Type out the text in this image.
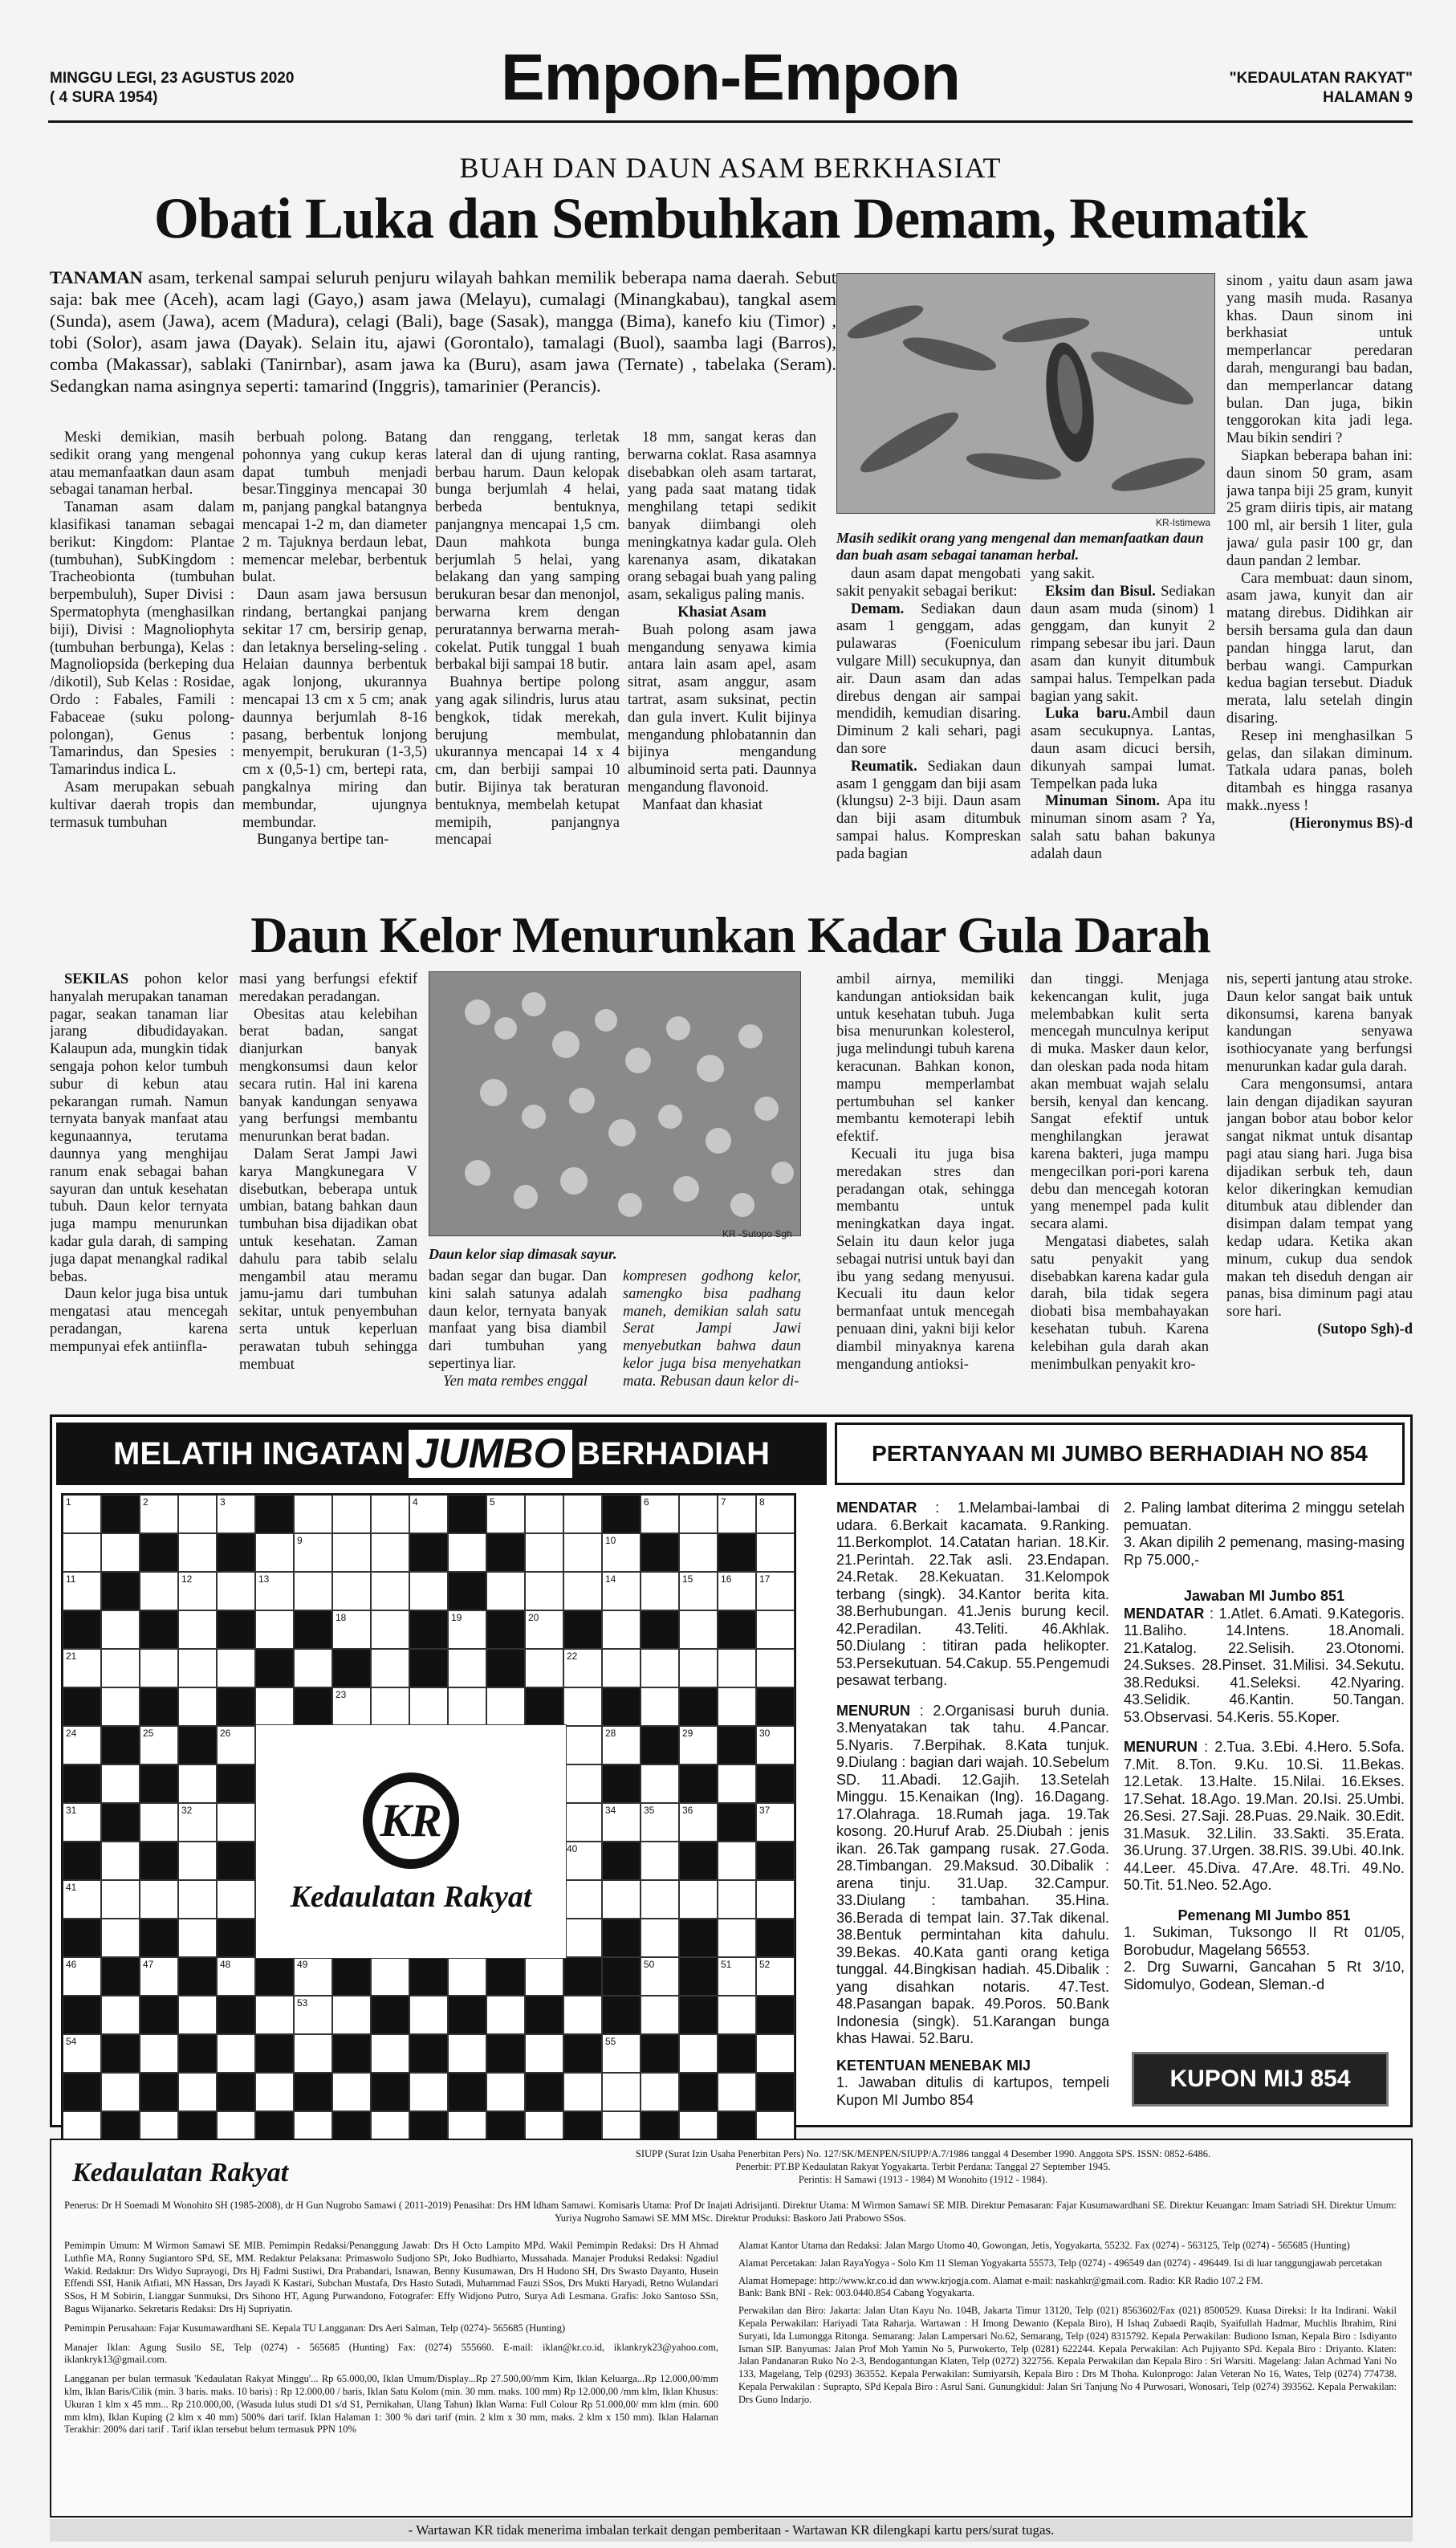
MINGGU LEGI, 23 AGUSTUS 2020
( 4 SURA 1954)	Empon-Empon	"KEDAULATAN RAKYAT"
HALAMAN 9
BUAH DAN DAUN ASAM BERKHASIAT
Obati Luka dan Sembuhkan Demam, Reumatik
TANAMAN asam, terkenal sampai seluruh penjuru wilayah bahkan memilik beberapa nama daerah. Sebut saja: bak mee (Aceh), acam lagi (Gayo,) asam jawa (Melayu), cumalagi (Minangkabau), tangkal asem (Sunda), asem (Jawa), acem (Madura), celagi (Bali), bage (Sasak), mangga (Bima), kanefo kiu (Timor) , tobi (Solor), asam jawa (Dayak). Selain itu, ajawi (Gorontalo), tamalagi (Buol), saamba lagi (Barros), comba (Makassar), sablaki (Tanirnbar), asam jawa ka (Buru), asam jawa (Ternate) , tabelaka (Seram). Sedangkan nama asingnya seperti: tamarind (Inggris), tamarinier (Perancis).

Meski demikian, masih sedikit orang yang mengenal atau memanfaatkan daun asam sebagai tanaman herbal.

Tanaman asam dalam klasifikasi tanaman sebagai berikut: Kingdom: Plantae (tumbuhan), SubKingdom : Tracheobionta (tumbuhan berpembuluh), Super Divisi : Spermatophyta (menghasilkan biji), Divisi : Magnoliophyta (tumbuhan berbunga), Kelas : Magnoliopsida (berkeping dua /dikotil), Sub Kelas : Rosidae, Ordo : Fabales, Famili : Fabaceae (suku polong-polongan), Genus : Tamarindus, dan Spesies : Tamarindus indica L.

Asam merupakan sebuah kultivar daerah tropis dan termasuk tumbuhan

berbuah polong. Batang pohonnya yang cukup keras dapat tumbuh menjadi besar.Tingginya mencapai 30 m, panjang pangkal batangnya mencapai 1-2 m, dan diameter 2 m. Tajuknya berdaun lebat, memencar melebar, berbentuk bulat.

Daun asam jawa bersusun rindang, bertangkai panjang sekitar 17 cm, bersirip genap, dan letaknya berseling-seling . Helaian daunnya berbentuk agak lonjong, ukurannya mencapai 13 cm x 5 cm; anak daunnya berjumlah 8-16 pasang, berbentuk lonjong menyempit, berukuran (1-3,5) cm x (0,5-1) cm, bertepi rata, pangkalnya miring dan membundar, ujungnya membundar.

Bunganya bertipe tan-

dan renggang, terletak lateral dan di ujung ranting, berbau harum. Daun kelopak bunga berjumlah 4 helai, berbeda bentuknya, panjangnya mencapai 1,5 cm. Daun mahkota bunga berjumlah 5 helai, yang belakang dan yang samping berukuran besar dan menonjol, berwarna krem dengan peruratannya berwarna merah-cokelat. Putik tunggal 1 buah berbakal biji sampai 18 butir.

Buahnya bertipe polong yang agak silindris, lurus atau bengkok, tidak merekah, berujung membulat, ukurannya mencapai 14 x 4 cm, dan berbiji sampai 10 butir. Bijinya tak beraturan bentuknya, membelah ketupat memipih, panjangnya mencapai

18 mm, sangat keras dan berwarna coklat. Rasa asamnya disebabkan oleh asam tartarat, yang pada saat matang tidak menghilang tetapi sedikit banyak diimbangi oleh meningkatnya kadar gula. Oleh karenanya asam, dikatakan orang sebagai buah yang paling asam, sekaligus paling manis.

Khasiat Asam

Buah polong asam jawa mengandung senyawa kimia antara lain asam apel, asam sitrat, asam anggur, asam tartrat, asam suksinat, pectin dan gula invert. Kulit bijinya mengandung phlobatannin dan bijinya mengandung albuminoid serta pati. Daunnya mengandung flavonoid.

Manfaat dan khasiat

KR-Istimewa
Masih sedikit orang yang mengenal dan memanfaatkan daun dan buah asam sebagai tanaman herbal.

daun asam dapat mengobati sakit penyakit sebagai berikut:

Demam. Sediakan daun asam 1 genggam, adas pulawaras (Foeniculum vulgare Mill) secukupnya, dan air. Daun asam dan adas direbus dengan air sampai mendidih, kemudian disaring. Diminum 2 kali sehari, pagi dan sore

Reumatik. Sediakan daun asam 1 genggam dan biji asam (klungsu) 2-3 biji. Daun asam dan biji asam ditumbuk sampai halus. Kompreskan pada bagian

yang sakit.

Eksim dan Bisul. Sediakan daun asam muda (sinom) 1 genggam, dan kunyit 2 rimpang sebesar ibu jari. Daun asam dan kunyit ditumbuk sampai halus. Tempelkan pada bagian yang sakit.

Luka baru.Ambil daun asam secukupnya. Lantas, daun asam dicuci bersih, dikunyah sampai lumat. Tempelkan pada luka

Minuman Sinom. Apa itu minuman sinom asam ? Ya, salah satu bahan bakunya adalah daun

sinom , yaitu daun asam jawa yang masih muda. Rasanya khas. Daun sinom ini berkhasiat untuk memperlancar peredaran darah, mengurangi bau badan, dan memperlancar datang bulan. Dan juga, bikin tenggorokan kita jadi lega. Mau bikin sendiri ?

Siapkan beberapa bahan ini: daun sinom 50 gram, asam jawa tanpa biji 25 gram, kunyit 25 gram diiris tipis, air matang 100 ml, air bersih 1 liter, gula jawa/ gula pasir 100 gr, dan daun pandan 2 lembar.

Cara membuat: daun sinom, asam jawa, kunyit dan air matang direbus. Didihkan air bersih bersama gula dan daun pandan hingga larut, dan berbau wangi. Campurkan kedua bagian tersebut. Diaduk merata, lalu setelah dingin disaring.

Resep ini menghasilkan 5 gelas, dan silakan diminum. Tatkala udara panas, boleh ditambah es hingga rasanya makk..nyess !

(Hieronymus BS)-d

Daun Kelor Menurunkan Kadar Gula Darah

SEKILAS pohon kelor hanyalah merupakan tanaman pagar, seakan tanaman liar jarang dibudidayakan. Kalaupun ada, mungkin tidak sengaja pohon kelor tumbuh subur di kebun atau pekarangan rumah. Namun ternyata banyak manfaat atau kegunaannya, terutama daunnya yang menghijau ranum enak sebagai bahan sayuran dan untuk kesehatan tubuh. Daun kelor ternyata juga mampu menurunkan kadar gula darah, di samping juga dapat menangkal radikal bebas.

Daun kelor juga bisa untuk mengatasi atau mencegah peradangan, karena mempunyai efek antiinfla-

masi yang berfungsi efektif meredakan peradangan.

Obesitas atau kelebihan berat badan, sangat dianjurkan banyak mengkonsumsi daun kelor secara rutin. Hal ini karena banyak kandungan senyawa yang berfungsi membantu menurunkan berat badan.

Dalam Serat Jampi Jawi karya Mangkunegara V disebutkan, beberapa untuk umbian, batang bahkan daun tumbuhan bisa dijadikan obat untuk kesehatan. Zaman dahulu para tabib selalu mengambil atau meramu jamu-jamu dari tumbuhan sekitar, untuk penyembuhan serta untuk keperluan perawatan tubuh sehingga membuat

KR -Sutopo Sgh
Daun kelor siap dimasak sayur.

badan segar dan bugar. Dan kini salah satunya adalah daun kelor, ternyata banyak manfaat yang bisa diambil dari tumbuhan yang sepertinya liar.

Yen mata rembes enggal

kompresen godhong kelor, samengko bisa padhang maneh, demikian salah satu Serat Jampi Jawi menyebutkan bahwa daun kelor juga bisa menyehatkan mata. Rebusan daun kelor di-

ambil airnya, memiliki kandungan antioksidan baik untuk kesehatan tubuh. Juga bisa menurunkan kolesterol, juga melindungi tubuh karena keracunan. Bahkan konon, mampu memperlambat pertumbuhan sel kanker membantu kemoterapi lebih efektif.

Kecuali itu juga bisa meredakan stres dan peradangan otak, sehingga membantu untuk meningkatkan daya ingat. Selain itu daun kelor juga sebagai nutrisi untuk bayi dan ibu yang sedang menyusui. Kecuali itu daun kelor bermanfaat untuk mencegah penuaan dini, yakni biji kelor diambil minyaknya karena mengandung antioksi-

dan tinggi. Menjaga kekencangan kulit, juga melembabkan kulit serta mencegah munculnya keriput di muka. Masker daun kelor, dan oleskan pada noda hitam akan membuat wajah selalu bersih, kenyal dan kencang. Sangat efektif untuk menghilangkan jerawat karena bakteri, juga mampu mengecilkan pori-pori karena debu dan mencegah kotoran yang menempel pada kulit secara alami.

Mengatasi diabetes, salah satu penyakit yang disebabkan karena kadar gula darah, bila tidak segera diobati bisa membahayakan kesehatan tubuh. Karena kelebihan gula darah akan menimbulkan penyakit kro-

nis, seperti jantung atau stroke. Daun kelor sangat baik untuk dikonsumsi, karena banyak kandungan senyawa isothiocyanate yang berfungsi menurunkan kadar gula darah.

Cara mengonsumsi, antara lain dengan dijadikan sayuran jangan bobor atau bobor kelor sangat nikmat untuk disantap pagi atau siang hari. Juga bisa dijadikan serbuk teh, daun kelor dikeringkan kemudian ditumbuk atau diblender dan disimpan dalam tempat yang kedap udara. Ketika akan minum, cukup dua sendok makan teh diseduh dengan air panas, bisa diminum pagi atau sore hari.

(Sutopo Sgh)-d

MELATIH INGATAN JUMBO BERHADIAH
1	2	3	4	5	6	7	8
9	10
11	12	13	14	15	16	17
18	19	20
21	22
23
24	25	26	28	29	30
31	32	34	35	36	37
40
41
46	47	48	49	50	51	52
53
54	55
KR
Kedaulatan Rakyat
PERTANYAAN MI JUMBO BERHADIAH NO 854

MENDATAR : 1.Melambai-lambai di udara. 6.Berkait kacamata. 9.Ranking. 11.Berkomplot. 14.Catatan harian. 18.Kir. 21.Perintah. 22.Tak asli. 23.Endapan. 24.Retak. 28.Kekuatan. 31.Kelompok terbang (singk). 34.Kantor berita kita. 38.Berhubungan. 41.Jenis burung kecil. 42.Peradilan. 43.Teliti. 46.Akhlak. 50.Diulang : titiran pada helikopter. 53.Persekutuan. 54.Cakup. 55.Pengemudi pesawat terbang.

MENURUN : 2.Organisasi buruh dunia. 3.Menyatakan tak tahu. 4.Pancar. 5.Nyaris. 7.Berpihak. 8.Kata tunjuk. 9.Diulang : bagian dari wajah. 10.Sebelum SD. 11.Abadi. 12.Gajih. 13.Setelah Minggu. 15.Kenaikan (Ing). 16.Dagang. 17.Olahraga. 18.Rumah jaga. 19.Tak kosong. 20.Huruf Arab. 25.Diubah : jenis ikan. 26.Tak gampang rusak. 27.Goda. 28.Timbangan. 29.Maksud. 30.Dibalik : arena tinju. 31.Uap. 32.Campur. 33.Diulang : tambahan. 35.Hina. 36.Berada di tempat lain. 37.Tak dikenal. 38.Bentuk permintahan kita dahulu. 39.Bekas. 40.Kata ganti orang ketiga tunggal. 44.Bingkisan hadiah. 45.Dibalik : yang disahkan notaris. 47.Test. 48.Pasangan bapak. 49.Poros. 50.Bank Indonesia (singk). 51.Karangan bunga khas Hawai. 52.Baru.

KETENTUAN MENEBAK MIJ

1. Jawaban ditulis di kartupos, tempeli Kupon MI Jumbo 854

2. Paling lambat diterima 2 minggu setelah pemuatan.

3. Akan dipilih 2 pemenang, masing-masing Rp 75.000,-

Jawaban MI Jumbo 851

MENDATAR : 1.Atlet. 6.Amati. 9.Kategoris. 11.Baliho. 14.Intens. 18.Anomali. 21.Katalog. 22.Selisih. 23.Otonomi. 24.Sukses. 28.Pinset. 31.Milisi. 34.Sekutu. 38.Reduksi. 41.Seleksi. 42.Nyaring. 43.Selidik. 46.Kantin. 50.Tangan. 53.Observasi. 54.Keris. 55.Koper.

MENURUN : 2.Tua. 3.Ebi. 4.Hero. 5.Sofa. 7.Mit. 8.Ton. 9.Ku. 10.Si. 11.Bekas. 12.Letak. 13.Halte. 15.Nilai. 16.Ekses. 17.Sehat. 18.Ago. 19.Man. 20.Isi. 25.Umbi. 26.Sesi. 27.Saji. 28.Puas. 29.Naik. 30.Edit. 31.Masuk. 32.Lilin. 33.Sakti. 35.Erata. 36.Urung. 37.Urgen. 38.RIS. 39.Ubi. 40.Ink. 44.Leer. 45.Diva. 47.Are. 48.Tri. 49.No. 50.Tit. 51.Neo. 52.Ago.

Pemenang MI Jumbo 851

1. Sukiman, Tuksongo II Rt 01/05, Borobudur, Magelang 56553.

2. Drg Suwarni, Gancahan 5 Rt 3/10, Sidomulyo, Godean, Sleman.-d

KUPON MIJ 854
Kedaulatan Rakyat
SIUPP (Surat Izin Usaha Penerbitan Pers) No. 127/SK/MENPEN/SIUPP/A.7/1986 tanggal 4 Desember 1990. Anggota SPS. ISSN: 0852-6486.
Penerbit: PT.BP Kedaulatan Rakyat Yogyakarta. Terbit Perdana: Tanggal 27 September 1945.
Perintis: H Samawi (1913 - 1984) M Wonohito (1912 - 1984).
Penerus: Dr H Soemadi M Wonohito SH (1985-2008), dr H Gun Nugroho Samawi ( 2011-2019) Penasihat: Drs HM Idham Samawi. Komisaris Utama: Prof Dr Inajati Adrisijanti. Direktur Utama: M Wirmon Samawi SE MIB. Direktur Pemasaran: Fajar Kusumawardhani SE. Direktur Keuangan: Imam Satriadi SH. Direktur Umum: Yuriya Nugroho Samawi SE MM MSc. Direktur Produksi: Baskoro Jati Prabowo SSos.

Pemimpin Umum: M Wirmon Samawi SE MIB. Pemimpin Redaksi/Penanggung Jawab: Drs H Octo Lampito MPd. Wakil Pemimpin Redaksi: Drs H Ahmad Luthfie MA, Ronny Sugiantoro SPd, SE, MM. Redaktur Pelaksana: Primaswolo Sudjono SPt, Joko Budhiarto, Mussahada. Manajer Produksi Redaksi: Ngadiul Wakid. Redaktur: Drs Widyo Suprayogi, Drs Hj Fadmi Sustiwi, Dra Prabandari, Isnawan, Benny Kusumawan, Drs H Hudono SH, Drs Swasto Dayanto, Husein Effendi SSI, Hanik Atfiati, MN Hassan, Drs Jayadi K Kastari, Subchan Mustafa, Drs Hasto Sutadi, Muhammad Fauzi SSos, Drs Mukti Haryadi, Retno Wulandari SSos, H M Sobirin, Lianggar Sunmuksi, Drs Sihono HT, Agung Purwandono, Fotografer: Effy Widjono Putro, Surya Adi Lesmana. Grafis: Joko Santoso SSn, Bagus Wijanarko. Sekretaris Redaksi: Drs Hj Supriyatin.

Pemimpin Perusahaan: Fajar Kusumawardhani SE. Kepala TU Langganan: Drs Aeri Salman, Telp (0274)- 565685 (Hunting)

Manajer Iklan: Agung Susilo SE, Telp (0274) - 565685 (Hunting) Fax: (0274) 555660. E-mail: iklan@kr.co.id, iklankryk23@yahoo.com, iklankryk13@gmail.com.

Langganan per bulan termasuk 'Kedaulatan Rakyat Minggu'... Rp 65.000,00, Iklan Umum/Display...Rp 27.500,00/mm Kim, Iklan Keluarga...Rp 12.000,00/mm klm, Iklan Baris/Cilik (min. 3 baris. maks. 10 baris) : Rp 12.000,00 / baris, Iklan Satu Kolom (min. 30 mm. maks. 100 mm) Rp 12.000,00 /mm klm, Iklan Khusus: Ukuran 1 klm x 45 mm... Rp 210.000,00, (Wasuda lulus studi D1 s/d S1, Pernikahan, Ulang Tahun) Iklan Warna: Full Colour Rp 51.000,00/ mm klm (min. 600 mm klm), Iklan Kuping (2 klm x 40 mm) 500% dari tarif. Iklan Halaman 1: 300 % dari tarif (min. 2 klm x 30 mm, maks. 2 klm x 150 mm). Iklan Halaman Terakhir: 200% dari tarif . Tarif iklan tersebut belum termasuk PPN 10%

Alamat Kantor Utama dan Redaksi: Jalan Margo Utomo 40, Gowongan, Jetis, Yogyakarta, 55232. Fax (0274) - 563125, Telp (0274) - 565685 (Hunting)

Alamat Percetakan: Jalan RayaYogya - Solo Km 11 Sleman Yogyakarta 55573, Telp (0274) - 496549 dan (0274) - 496449. Isi di luar tanggungjawab percetakan

Alamat Homepage: http://www.kr.co.id dan www.krjogja.com. Alamat e-mail: naskahkr@gmail.com. Radio: KR Radio 107.2 FM.

Bank: Bank BNI - Rek: 003.0440.854 Cabang Yogyakarta.

Perwakilan dan Biro: Jakarta: Jalan Utan Kayu No. 104B, Jakarta Timur 13120, Telp (021) 8563602/Fax (021) 8500529. Kuasa Direksi: Ir Ita Indirani. Wakil Kepala Perwakilan: Hariyadi Tata Raharja. Wartawan : H Imong Dewanto (Kepala Biro), H Ishaq Zubaedi Raqib, Syaifullah Hadmar, Muchlis Ibrahim, Rini Suryati, Ida Lumongga Ritonga. Semarang: Jalan Lampersari No.62, Semarang, Telp (024) 8315792. Kepala Perwakilan: Budiono Isman, Kepala Biro : Isdiyanto Isman SIP. Banyumas: Jalan Prof Moh Yamin No 5, Purwokerto, Telp (0281) 622244. Kepala Perwakilan: Ach Pujiyanto SPd. Kepala Biro : Driyanto. Klaten: Jalan Pandanaran Ruko No 2-3, Bendogantungan Klaten, Telp (0272) 322756. Kepala Perwakilan dan Kepala Biro : Sri Warsiti. Magelang: Jalan Achmad Yani No 133, Magelang, Telp (0293) 363552. Kepala Perwakilan: Sumiyarsih, Kepala Biro : Drs M Thoha. Kulonprogo: Jalan Veteran No 16, Wates, Telp (0274) 774738. Kepala Perwakilan : Suprapto, SPd Kepala Biro : Asrul Sani. Gunungkidul: Jalan Sri Tanjung No 4 Purwosari, Wonosari, Telp (0274) 393562. Kepala Perwakilan: Drs Guno Indarjo.

- Wartawan KR tidak menerima imbalan terkait dengan pemberitaan - Wartawan KR dilengkapi kartu pers/surat tugas.
